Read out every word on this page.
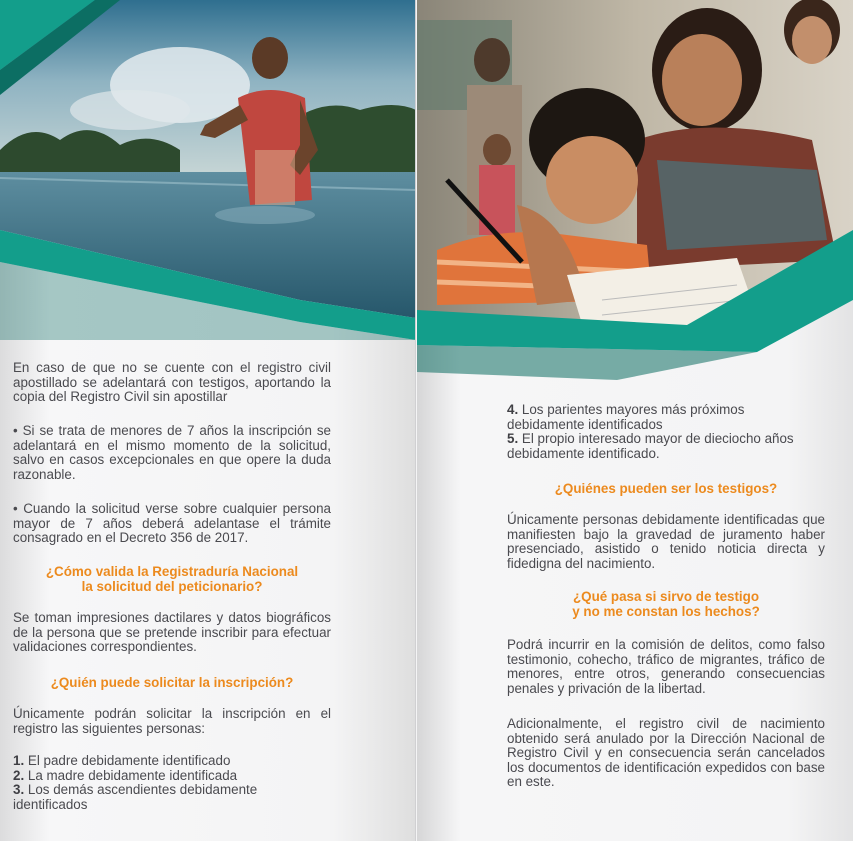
En caso de que no se cuente con el registro civil apostillado se adelantará con testigos, aportando la copia del Registro Civil sin apostillar

• Si se trata de menores de 7 años la inscripción se adelantará en el mismo momento de la solicitud, salvo en casos excepcionales en que opere la duda razonable.

• Cuando la solicitud verse sobre cualquier persona mayor de 7 años deberá adelantase el trámite consagrado en el Decreto 356 de 2017.

¿Cómo valida la Registraduría Nacional

la solicitud del peticionario?

Se toman impresiones dactilares y datos biográficos de la persona que se pretende inscribir para efectuar validaciones correspondientes.

¿Quién puede solicitar la inscripción?

Únicamente podrán solicitar la inscripción en el registro las siguientes personas:

1. El padre debidamente identificado

2. La madre debidamente identificada

3. Los demás ascendientes debidamente identificados

4. Los parientes mayores más próximos debidamente identificados

5. El propio interesado mayor de dieciocho años debidamente identificado.

¿Quiénes pueden ser los testigos?

Únicamente personas debidamente identificadas que manifiesten bajo la gravedad de juramento haber presenciado, asistido o tenido noticia directa y fidedigna del nacimiento.

¿Qué pasa si sirvo de testigo

y no me constan los hechos?

Podrá incurrir en la comisión de delitos, como falso testimonio, cohecho, tráfico de migrantes, tráfico de menores, entre otros, generando consecuencias penales y privación de la libertad.

Adicionalmente, el registro civil de nacimiento obtenido será anulado por la Dirección Nacional de Registro Civil y en consecuencia serán cancelados los documentos de identificación expedidos con base en este.
